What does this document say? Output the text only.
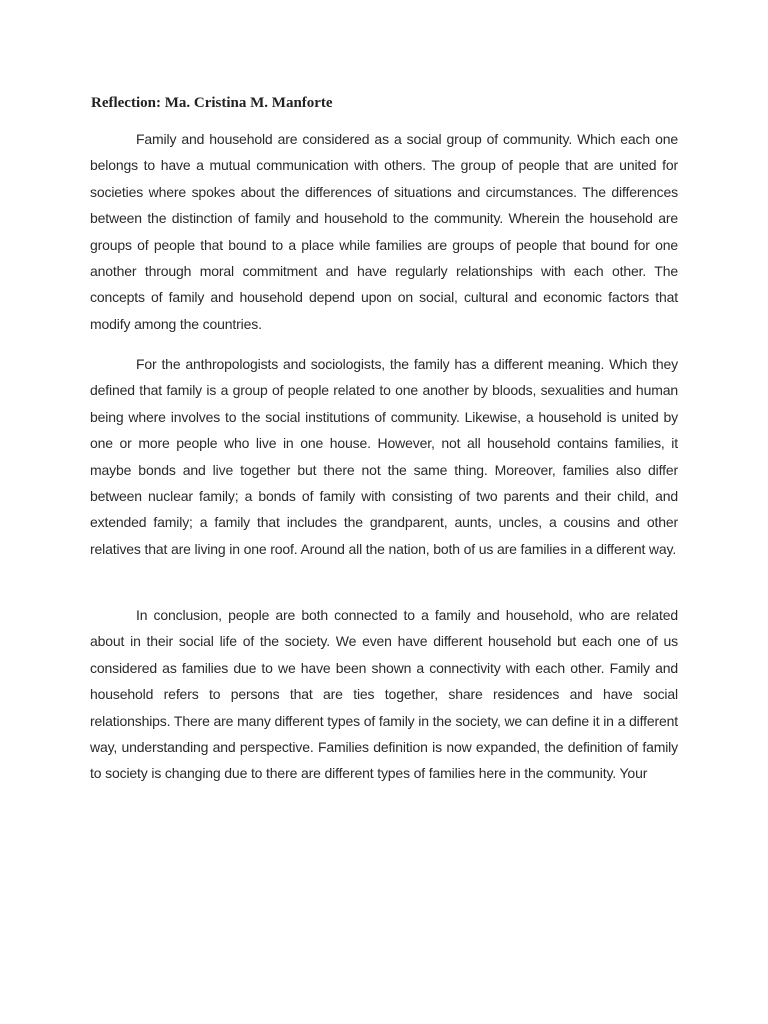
Reflection: Ma. Cristina M. Manforte

Family and household are considered as a social group of community. Which each one belongs to have a mutual communication with others. The group of people that are united for societies where spokes about the differences of situations and circumstances. The differences between the distinction of family and household to the community. Wherein the household are groups of people that bound to a place while families are groups of people that bound for one another through moral commitment and have regularly relationships with each other. The concepts of family and household depend upon on social, cultural and economic factors that modify among the countries.

For the anthropologists and sociologists, the family has a different meaning. Which they defined that family is a group of people related to one another by bloods, sexualities and human being where involves to the social institutions of community. Likewise, a household is united by one or more people who live in one house. However, not all household contains families, it maybe bonds and live together but there not the same thing. Moreover, families also differ between nuclear family; a bonds of family with consisting of two parents and their child, and extended family; a family that includes the grandparent, aunts, uncles, a cousins and other relatives that are living in one roof. Around all the nation, both of us are families in a different way.

In conclusion, people are both connected to a family and household, who are related about in their social life of the society. We even have different household but each one of us considered as families due to we have been shown a connectivity with each other. Family and household refers to persons that are ties together, share residences and have social relationships. There are many different types of family in the society, we can define it in a different way, understanding and perspective. Families definition is now expanded, the definition of family to society is changing due to there are different types of families here in the community. Your
